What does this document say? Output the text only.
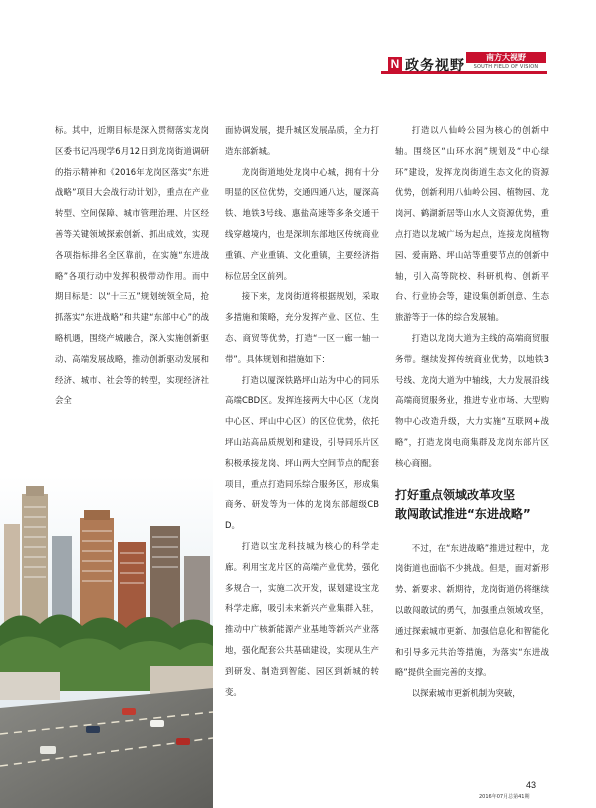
N 政务视野
南方大视野
SOUTH FIELD OF VISION

标。其中，近期目标是深入贯彻落实龙岗区委书记冯现学6月12日到龙岗街道调研的指示精神和《2016年龙岗区落实“东进战略”项目大会战行动计划》，重点在产业转型、空间保障、城市管理治理、片区经善等关键领域探索创新、抓出成效，实现各项指标排名全区靠前，在实施“东进战略”各项行动中发挥积极带动作用。而中期目标是：以“十三五”规划统领全局，抢抓落实“东进战略”和共建“东部中心”的战略机遇，围绕产城融合，深入实施创新驱动、高端发展战略，推动创新驱动发展和经济、城市、社会等的转型，实现经济社会全

面协调发展，提升城区发展品质，全力打造东部新城。

龙岗街道地处龙岗中心城，拥有十分明显的区位优势，交通四通八达，厦深高铁、地铁3号线、惠盐高速等多条交通干线穿越境内，也是深圳东部地区传统商业重镇、产业重镇、文化重镇，主要经济指标位居全区前列。

接下来，龙岗街道将根据规划，采取多措施和策略，充分发挥产业、区位、生态、商贸等优势，打造“一区一廊一轴一带”。具体规划和措施如下：

打造以厦深铁路坪山站为中心的同乐高端CBD区。发挥连接两大中心区（龙岗中心区、坪山中心区）的区位优势，依托坪山站高品质规划和建设，引导同乐片区积极承接龙岗、坪山两大空间节点的配套项目，重点打造同乐综合服务区，形成集商务、研发等为一体的龙岗东部超级CBD。

打造以宝龙科技城为核心的科学走廊。利用宝龙片区的高端产业优势，强化多规合一，实施二次开发，谋划建设宝龙科学走廊，吸引未来新兴产业集群入驻，推动中广核新能源产业基地等新兴产业落地，强化配套公共基础建设，实现从生产到研发、制造到智能、园区到新城的转变。

打造以八仙岭公园为核心的创新中轴。围绕区“山环水润”规划及“中心绿环”建设，发挥龙岗街道生态文化的资源优势，创新利用八仙岭公园、植物园、龙岗河、鹤湖新居等山水人文资源优势，重点打造以龙城广场为起点，连接龙岗植物园、爱南路、坪山站等重要节点的创新中轴，引入高等院校、科研机构、创新平台、行业协会等，建设集创新创意、生态旅游等于一体的综合发展轴。

打造以龙岗大道为主线的高端商贸服务带。继续发挥传统商业优势，以地铁3号线、龙岗大道为中轴线，大力发展沿线高端商贸服务业，推进专业市场、大型购物中心改造升级，大力实施“互联网+战略”，打造龙岗电商集群及龙岗东部片区核心商圈。

打好重点领域改革攻坚
敢闯敢试推进“东进战略”

不过，在“东进战略”推进过程中，龙岗街道也面临不少挑战。但是，面对新形势、新要求、新期待，龙岗街道仍将继续以敢闯敢试的勇气，加强重点领域攻坚，通过探索城市更新、加强信息化和智能化和引导多元共治等措施，为落实“东进战略”提供全面完善的支撑。

以探索城市更新机制为突破，

43
2016年07月总第41期
